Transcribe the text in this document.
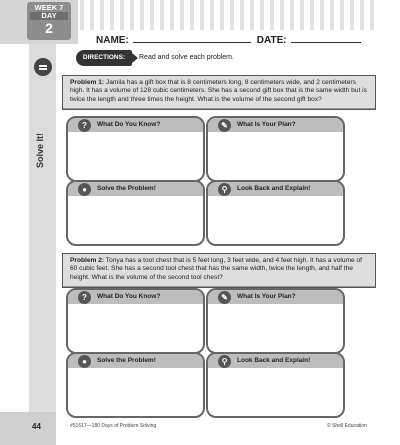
WEEK 7
DAY
2
Solve It!
NAME:	DATE:
DIRECTIONS:	Read and solve each problem.
Problem 1: Jamila has a gift box that is 8 centimeters long, 8 centimeters wide, and 2 centimeters high. It has a volume of 128 cubic centimeters. She has a second gift box that is the same width but is twice the length and three times the height. What is the volume of the second gift box?
?	What Do You Know?	✎	What Is Your Plan?
●	Solve the Problem!	⚲	Look Back and Explain!
Problem 2: Tonya has a tool chest that is 5 feet long, 3 feet wide, and 4 feet high. It has a volume of 60 cubic feet. She has a second tool chest that has the same width, twice the length, and half the height. What is the volume of the second tool chest?
?	What Do You Know?	✎	What Is Your Plan?
●	Solve the Problem!	⚲	Look Back and Explain!
44	#51617—180 Days of Problem Solving	© Shell Education
